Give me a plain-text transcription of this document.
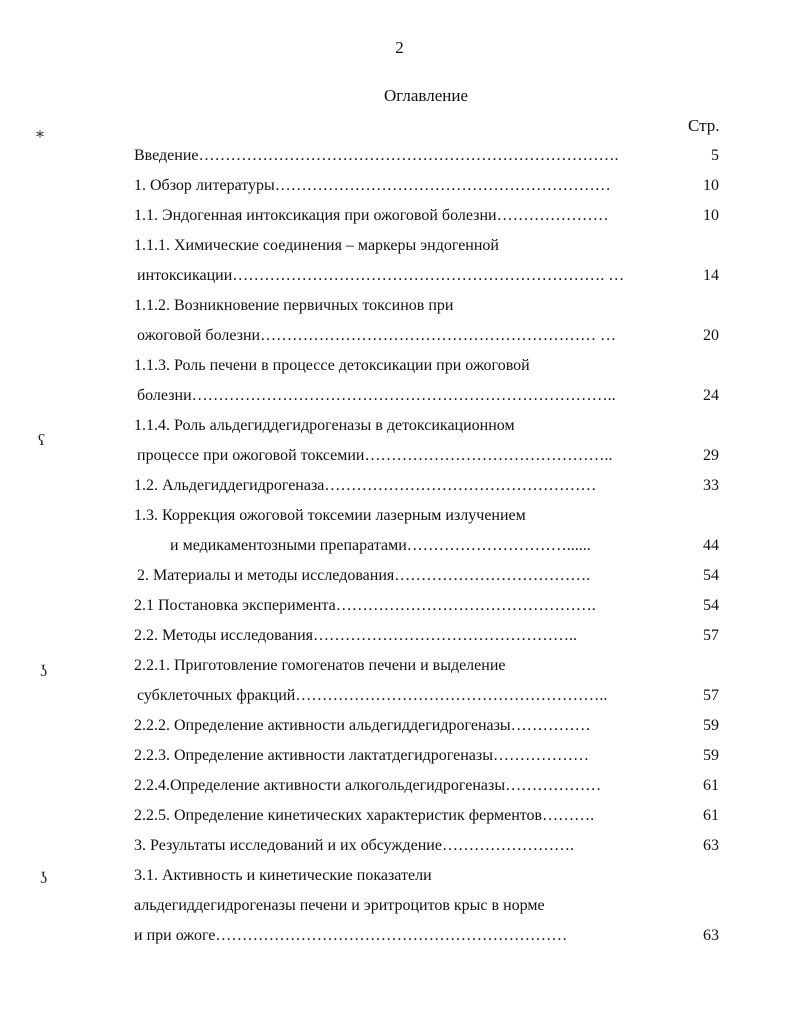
2
Оглавление
Стр.
⁎
ʕ
ʖ
ʖ
Введение…………………………………………………………………….
1. Обзор литературы………………………………………………………
1.1. Эндогенная интоксикация при ожоговой болезни…………………
1.1.1. Химические соединения – маркеры эндогенной
интоксикации……………………………………………………………. …
1.1.2. Возникновение первичных токсинов при
ожоговой болезни……………………………………………………… …
1.1.3. Роль печени в процессе детоксикации при ожоговой
болезни……………………………………………………………………..
1.1.4. Роль альдегиддегидрогеназы в детоксикационном
процессе при ожоговой токсемии………………………………………..
1.2. Альдегиддегидрогеназа……………………………………………
1.3. Коррекция ожоговой токсемии лазерным излучением
и медикаментозными препаратами…………………………......
2. Материалы и методы исследования……………………………….
2.1 Постановка эксперимента………………………………………….
2.2. Методы исследования…………………………………………..
2.2.1. Приготовление гомогенатов печени и выделение
субклеточных фракций…………………………………………………..
2.2.2. Определение активности альдегиддегидрогеназы……………
2.2.3. Определение активности лактатдегидрогеназы………………
2.2.4.Определение активности алкогольдегидрогеназы………………
2.2.5. Определение кинетических характеристик ферментов……….
3. Результаты исследований и их обсуждение…………………….
3.1. Активность и кинетические показатели
альдегиддегидрогеназы печени и эритроцитов крыс в норме
и при ожоге…………………………………………………………
5
10
10
14
20
24
29
33
44
54
54
57
57
59
59
61
61
63
63
